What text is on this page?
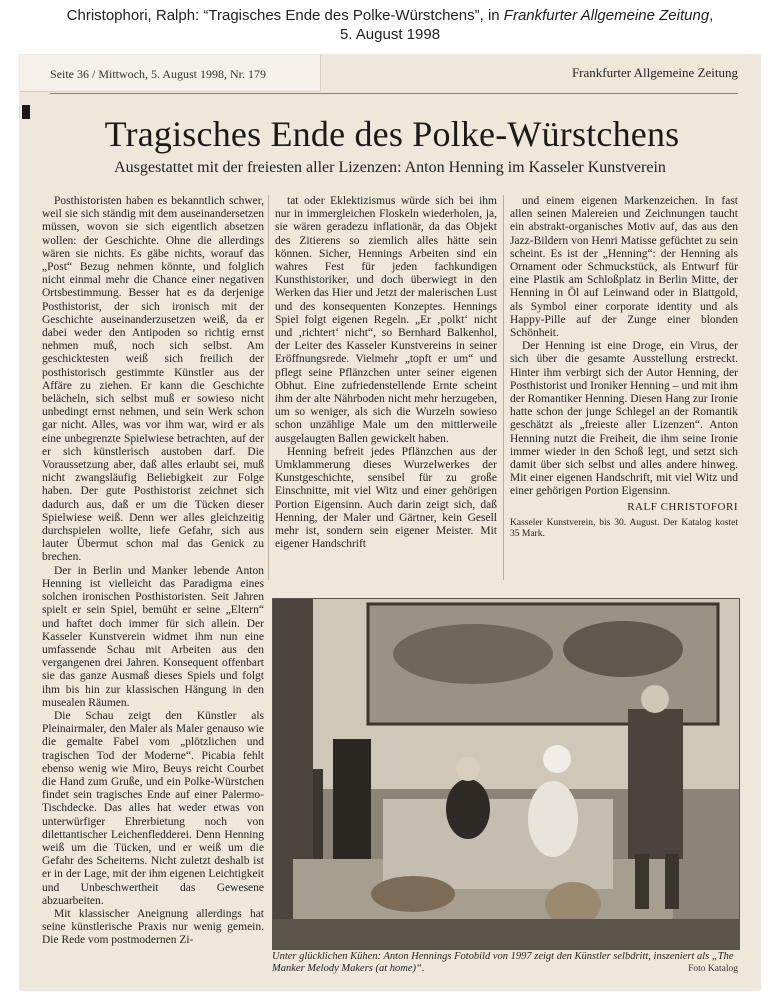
Christophori, Ralph: “Tragisches Ende des Polke-Würstchens”, in Frankfurter Allgemeine Zeitung,
5. August 1998
Seite 36 / Mittwoch, 5. August 1998, Nr. 179	Frankfurter Allgemeine Zeitung
Tragisches Ende des Polke-Würstchens
Ausgestattet mit der freiesten aller Lizenzen: Anton Henning im Kasseler Kunstverein

Posthistoristen haben es bekanntlich schwer, weil sie sich ständig mit dem auseinandersetzen müssen, wovon sie sich eigentlich absetzen wollen: der Geschichte. Ohne die allerdings wären sie nichts. Es gäbe nichts, worauf das „Post“ Bezug nehmen könnte, und folglich nicht einmal mehr die Chance einer negativen Ortsbestimmung. Besser hat es da derjenige Posthistorist, der sich ironisch mit der Geschichte auseinanderzusetzen weiß, da er dabei weder den Antipoden so richtig ernst nehmen muß, noch sich selbst. Am geschicktesten weiß sich freilich der posthistorisch gestimmte Künstler aus der Affäre zu ziehen. Er kann die Geschichte belächeln, sich selbst muß er sowieso nicht unbedingt ernst nehmen, und sein Werk schon gar nicht. Alles, was vor ihm war, wird er als eine unbegrenzte Spielwiese betrachten, auf der er sich künstlerisch austoben darf. Die Voraussetzung aber, daß alles erlaubt sei, muß nicht zwangsläufig Beliebigkeit zur Folge haben. Der gute Posthistorist zeichnet sich dadurch aus, daß er um die Tücken dieser Spielwiese weiß. Denn wer alles gleichzeitig durchspielen wollte, liefe Gefahr, sich aus lauter Übermut schon mal das Genick zu brechen.

Der in Berlin und Manker lebende Anton Henning ist vielleicht das Paradigma eines solchen ironischen Posthistoristen. Seit Jahren spielt er sein Spiel, bemüht er seine „Eltern“ und haftet doch immer für sich allein. Der Kasseler Kunstverein widmet ihm nun eine umfassende Schau mit Arbeiten aus den vergangenen drei Jahren. Konsequent offenbart sie das ganze Ausmaß dieses Spiels und folgt ihm bis hin zur klassischen Hängung in den musealen Räumen.

Die Schau zeigt den Künstler als Pleinairmaler, den Maler als Maler genauso wie die gemalte Fabel vom „plötzlichen und tragischen Tod der Moderne“. Picabia fehlt ebenso wenig wie Miro, Beuys reicht Courbet die Hand zum Gruße, und ein Polke-Würstchen findet sein tragisches Ende auf einer Palermo-Tischdecke. Das alles hat weder etwas von unterwürfiger Ehrerbietung noch von dilettantischer Leichenfledderei. Denn Henning weiß um die Tücken, und er weiß um die Gefahr des Scheiterns. Nicht zuletzt deshalb ist er in der Lage, mit der ihm eigenen Leichtigkeit und Unbeschwertheit das Gewesene abzuarbeiten.

Mit klassischer Aneignung allerdings hat seine künstlerische Praxis nur wenig gemein. Die Rede vom postmodernen Zi-

tat oder Eklektizismus würde sich bei ihm nur in immergleichen Floskeln wiederholen, ja, sie wären geradezu inflationär, da das Objekt des Zitierens so ziemlich alles hätte sein können. Sicher, Hennings Arbeiten sind ein wahres Fest für jeden fachkundigen Kunsthistoriker, und doch überwiegt in den Werken das Hier und Jetzt der malerischen Lust und des konsequenten Konzeptes. Hennings Spiel folgt eigenen Regeln. „Er ‚polkt‘ nicht und ‚richtert‘ nicht“, so Bernhard Balkenhol, der Leiter des Kasseler Kunstvereins in seiner Eröffnungsrede. Vielmehr „topft er um“ und pflegt seine Pflänzchen unter seiner eigenen Obhut. Eine zufriedenstellende Ernte scheint ihm der alte Nährboden nicht mehr herzugeben, um so weniger, als sich die Wurzeln sowieso schon unzählige Male um den mittlerweile ausgelaugten Ballen gewickelt haben.

Henning befreit jedes Pflänzchen aus der Umklammerung dieses Wurzelwerkes der Kunstgeschichte, sensibel für zu große Einschnitte, mit viel Witz und einer gehörigen Portion Eigensinn. Auch darin zeigt sich, daß Henning, der Maler und Gärtner, kein Gesell mehr ist, sondern sein eigener Meister. Mit eigener Handschrift

und einem eigenen Markenzeichen. In fast allen seinen Malereien und Zeichnungen taucht ein abstrakt-organisches Motiv auf, das aus den Jazz-Bildern von Henri Matisse gefüchtet zu sein scheint. Es ist der „Henning“: der Henning als Ornament oder Schmuckstück, als Entwurf für eine Plastik am Schloßplatz in Berlin Mitte, der Henning in Öl auf Leinwand oder in Blattgold, als Symbol einer corporate identity und als Happy-Pille auf der Zunge einer blonden Schönheit.

Der Henning ist eine Droge, ein Virus, der sich über die gesamte Ausstellung erstreckt. Hinter ihm verbirgt sich der Autor Henning, der Posthistorist und Ironiker Henning – und mit ihm der Romantiker Henning. Diesen Hang zur Ironie hatte schon der junge Schlegel an der Romantik geschätzt als „freieste aller Lizenzen“. Anton Henning nutzt die Freiheit, die ihm seine Ironie immer wieder in den Schoß legt, und setzt sich damit über sich selbst und alles andere hinweg. Mit einer eigenen Handschrift, mit viel Witz und einer gehörigen Portion Eigensinn.

RALF CHRISTOFORI
Kasseler Kunstverein, bis 30. August. Der Katalog kostet 35 Mark.
Unter glücklichen Kühen: Anton Hennings Fotobild von 1997 zeigt den Künstler selbdritt, inszeniert als „The Manker Melody Makers (at home)“.	Foto Katalog
